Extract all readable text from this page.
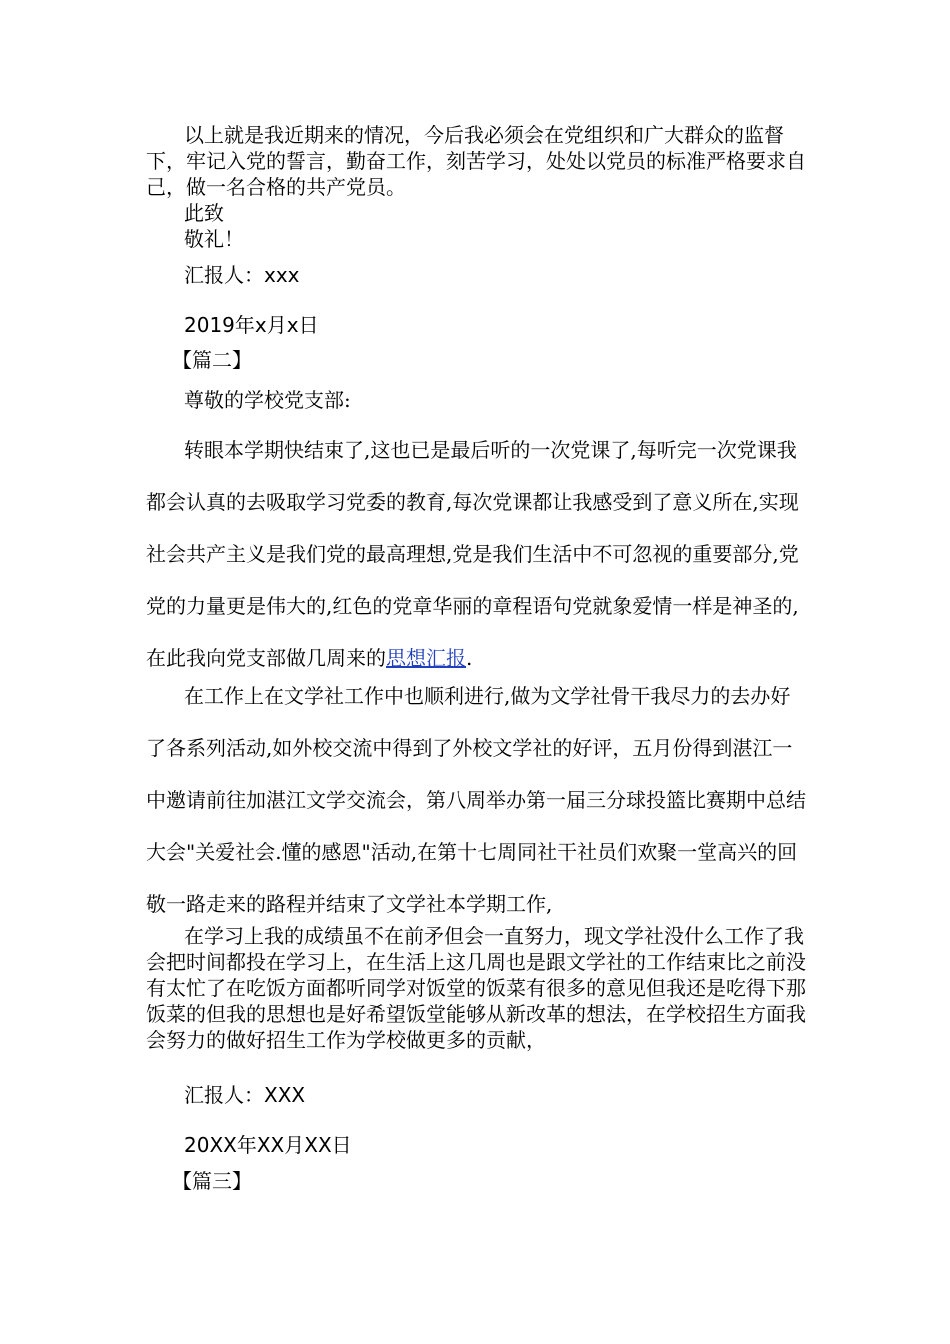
以上就是我近期来的情况，今后我必须会在党组织和广大群众的监督下，牢记入党的誓言，勤奋工作，刻苦学习，处处以党员的标准严格要求自己，做一名合格的共产党员。

此致

敬礼！

汇报人：xxx

2019年x月x日

【篇二】

尊敬的学校党支部:

转眼本学期快结束了,这也已是最后听的一次党课了,每听完一次党课我都会认真的去吸取学习党委的教育,每次党课都让我感受到了意义所在,实现社会共产主义是我们党的最高理想,党是我们生活中不可忽视的重要部分,党党的力量更是伟大的,红色的党章华丽的章程语句党就象爱情一样是神圣的,在此我向党支部做几周来的思想汇报.

在工作上在文学社工作中也顺利进行,做为文学社骨干我尽力的去办好了各系列活动,如外校交流中得到了外校文学社的好评，五月份得到湛江一中邀请前往加湛江文学交流会，第八周举办第一届三分球投篮比赛期中总结大会"关爱社会.懂的感恩"活动,在第十七周同社干社员们欢聚一堂高兴的回敬一路走来的路程并结束了文学社本学期工作,

在学习上我的成绩虽不在前矛但会一直努力，现文学社没什么工作了我会把时间都投在学习上，在生活上这几周也是跟文学社的工作结束比之前没有太忙了在吃饭方面都听同学对饭堂的饭菜有很多的意见但我还是吃得下那饭菜的但我的思想也是好希望饭堂能够从新改革的想法，在学校招生方面我会努力的做好招生工作为学校做更多的贡献，

汇报人：XXX

20XX年XX月XX日

【篇三】
